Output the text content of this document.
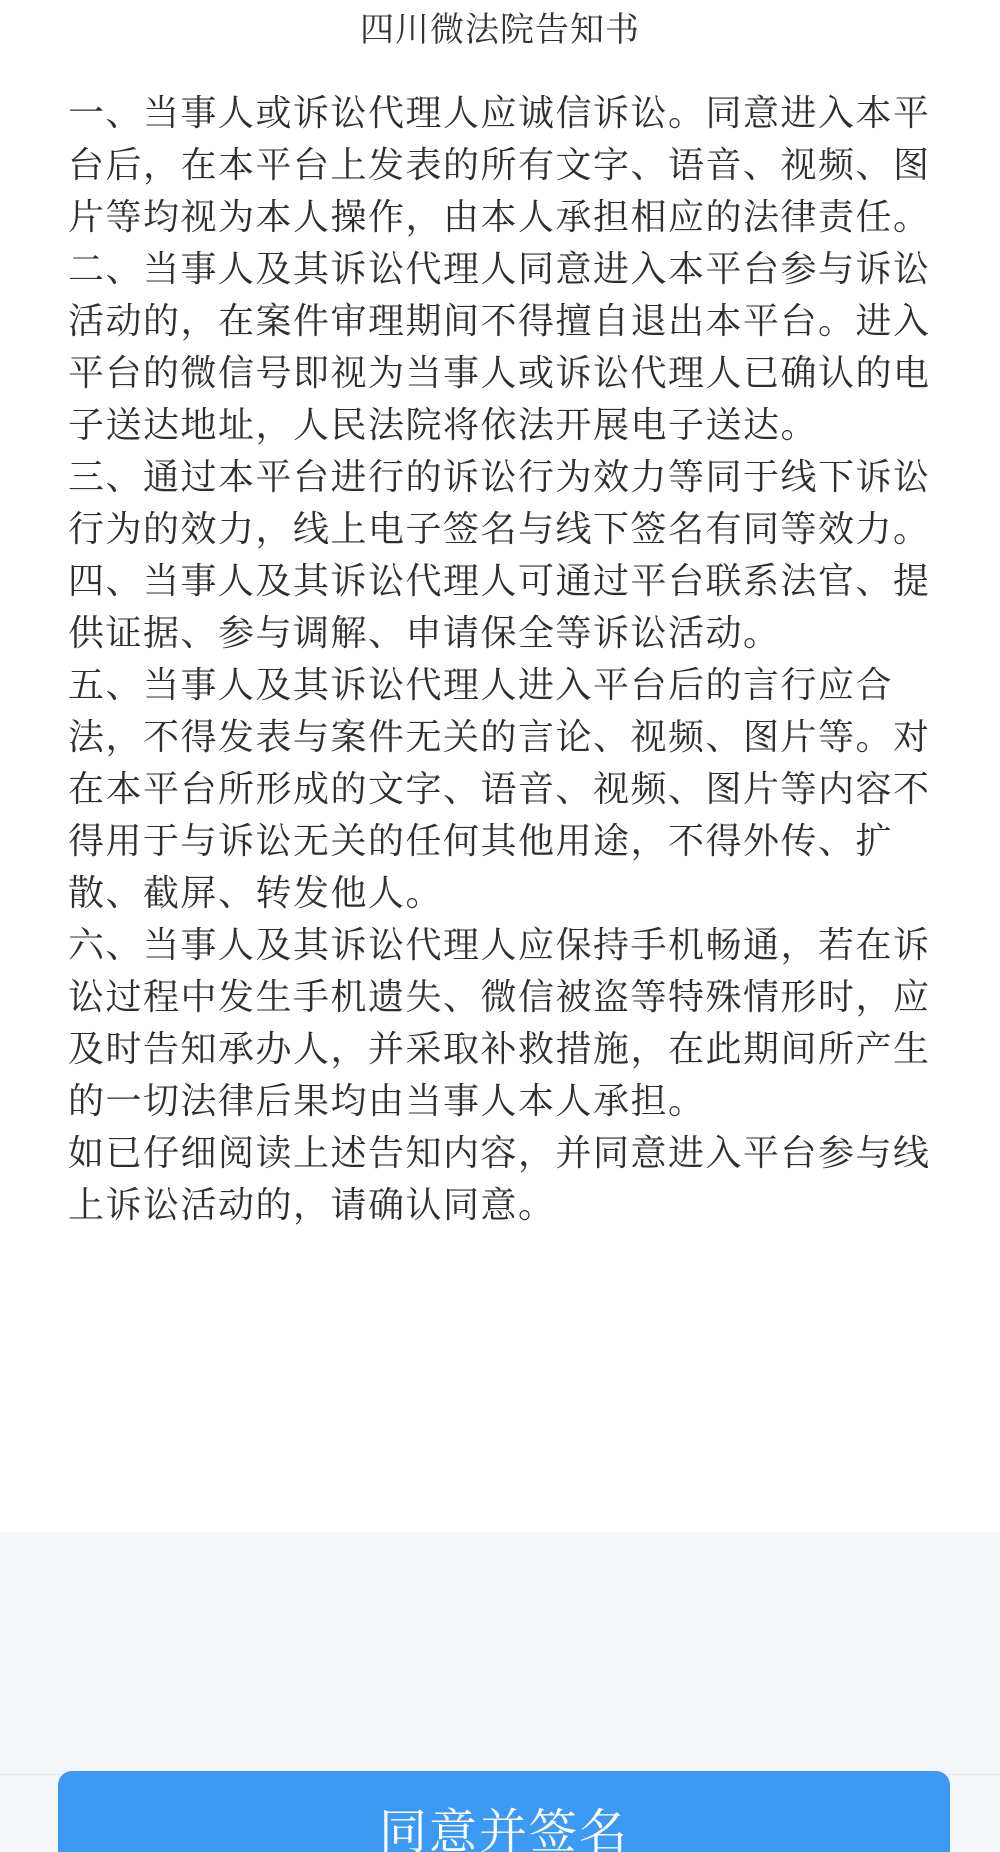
四川微法院告知书

一、当事人或诉讼代理人应诚信诉讼。同意进入本平台后，在本平台上发表的所有文字、语音、视频、图片等均视为本人操作，由本人承担相应的法律责任。

二、当事人及其诉讼代理人同意进入本平台参与诉讼活动的，在案件审理期间不得擅自退出本平台。进入平台的微信号即视为当事人或诉讼代理人已确认的电子送达地址，人民法院将依法开展电子送达。

三、通过本平台进行的诉讼行为效力等同于线下诉讼行为的效力，线上电子签名与线下签名有同等效力。

四、当事人及其诉讼代理人可通过平台联系法官、提供证据、参与调解、申请保全等诉讼活动。

五、当事人及其诉讼代理人进入平台后的言行应合法，不得发表与案件无关的言论、视频、图片等。对在本平台所形成的文字、语音、视频、图片等内容不得用于与诉讼无关的任何其他用途，不得外传、扩散、截屏、转发他人。

六、当事人及其诉讼代理人应保持手机畅通，若在诉讼过程中发生手机遗失、微信被盗等特殊情形时，应及时告知承办人，并采取补救措施，在此期间所产生的一切法律后果均由当事人本人承担。

如已仔细阅读上述告知内容，并同意进入平台参与线上诉讼活动的，请确认同意。

同意并签名
